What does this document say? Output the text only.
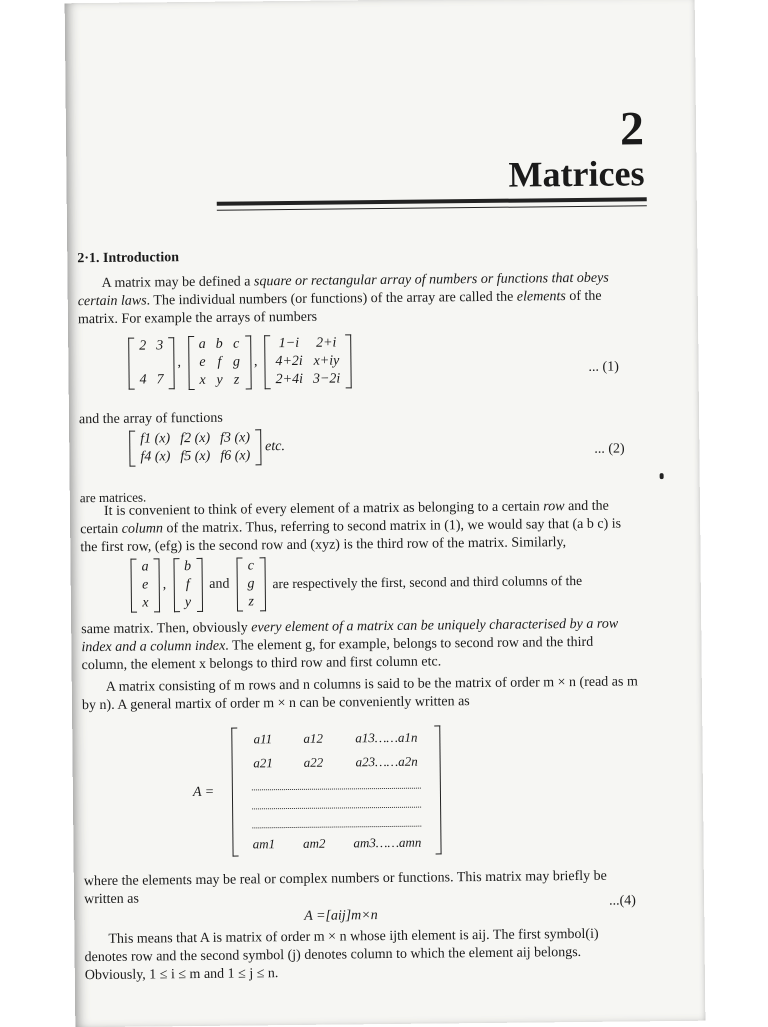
2
Matrices
2·1. Introduction
A matrix may be defined a square or rectangular array of numbers or functions that obeys certain laws. The individual numbers (or functions) of the array are called the elements of the matrix. For example the arrays of numbers
2	3

4	7
,
a	b	c
e	f	g
x	y	z
,
1−i	2+i
4+2i	x+iy
2+4i	3−2i
... (1)
and the array of functions
f1 (x)	f2 (x)	f3 (x)
f4 (x)	f5 (x)	f6 (x)
etc.	... (2)
are matrices.
It is convenient to think of every element of a matrix as belonging to a certain row and the certain column of the matrix. Thus, referring to second matrix in (1), we would say that (a b c) is the first row, (efg) is the second row and (xyz) is the third row of the matrix. Similarly,
a
e
x
,
b
f
y
and
c
g
z
are respectively the first, second and third columns of the
same matrix. Then, obviously every element of a matrix can be uniquely characterised by a row index and a column index. The element g, for example, belongs to second row and the third column, the element x belongs to third row and first column etc.
A matrix consisting of m rows and n columns is said to be the matrix of order m × n (read as m by n). A general martix of order m × n can be conveniently written as
A =
a11	a12	a13……a1n
a21	a22	a23……a2n

am1	am2	am3……amn
where the elements may be real or complex numbers or functions. This matrix may briefly be written as
A =[aij]m×n
...(4)
This means that A is matrix of order m × n whose ijth element is aij. The first symbol(i) denotes row and the second symbol (j) denotes column to which the element aij belongs. Obviously, 1 ≤ i ≤ m and 1 ≤ j ≤ n.
